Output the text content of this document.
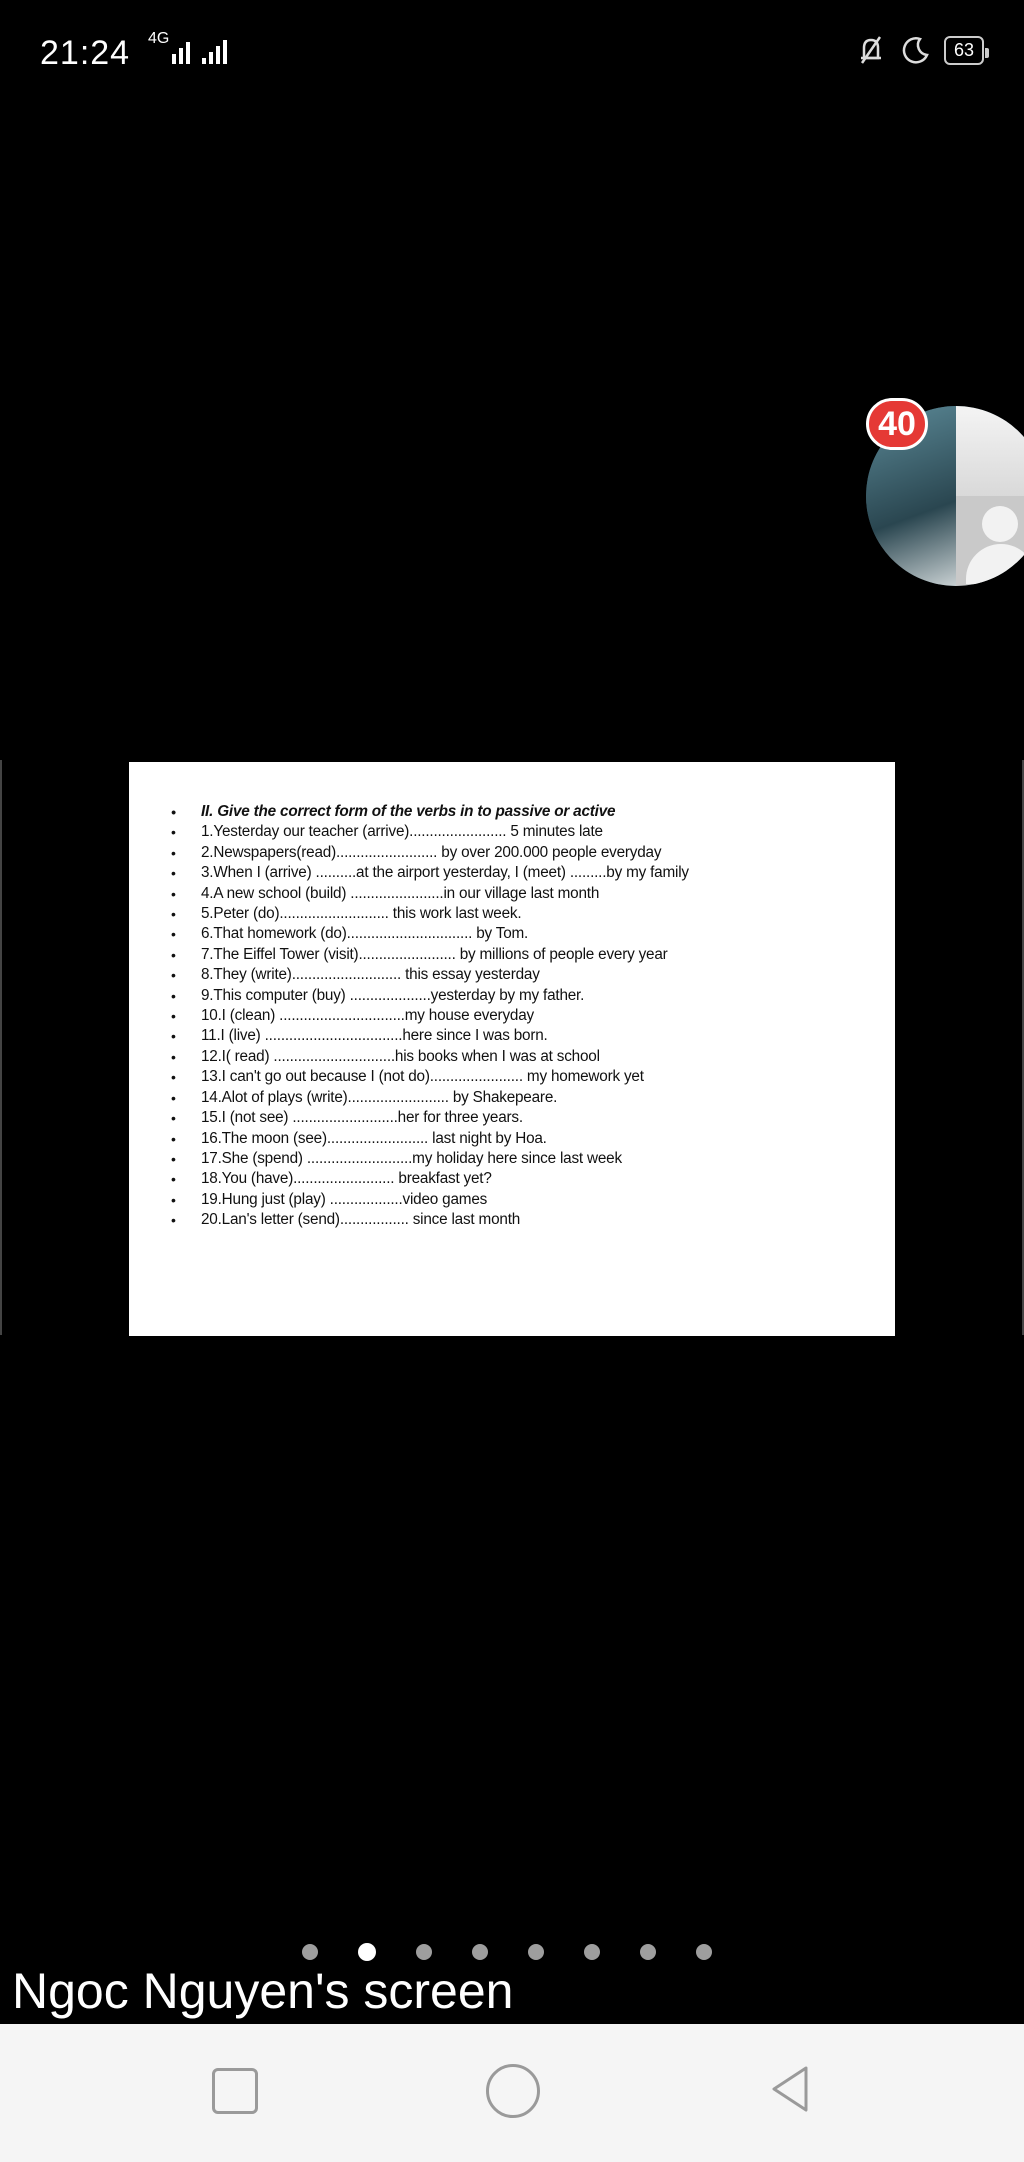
21:24 4G
63
40
• II. Give the correct form of the verbs in to passive or active
• 1.Yesterday our teacher (arrive)........................ 5 minutes late
• 2.Newspapers(read)......................... by over 200.000 people everyday
• 3.When I (arrive) ..........at the airport yesterday, I (meet) .........by my family
• 4.A new school (build) .......................in our village last month
• 5.Peter (do)........................... this work last week.
• 6.That homework (do)............................... by Tom.
• 7.The Eiffel Tower (visit)........................ by millions of people every year
• 8.They (write)........................... this essay yesterday
• 9.This computer (buy) ....................yesterday by my father.
• 10.I (clean) ...............................my house everyday
• 11.I (live) ..................................here since I was born.
• 12.I( read) ..............................his books when I was at school
• 13.I can't go out because I (not do)....................... my homework yet
• 14.Alot of plays (write)......................... by Shakepeare.
• 15.I (not see) ..........................her for three years.
• 16.The moon (see)......................... last night by Hoa.
• 17.She (spend) ..........................my holiday here since last week
• 18.You (have)......................... breakfast yet?
• 19.Hung just (play) ..................video games
• 20.Lan's letter (send)................. since last month
Ngoc Nguyen's screen
